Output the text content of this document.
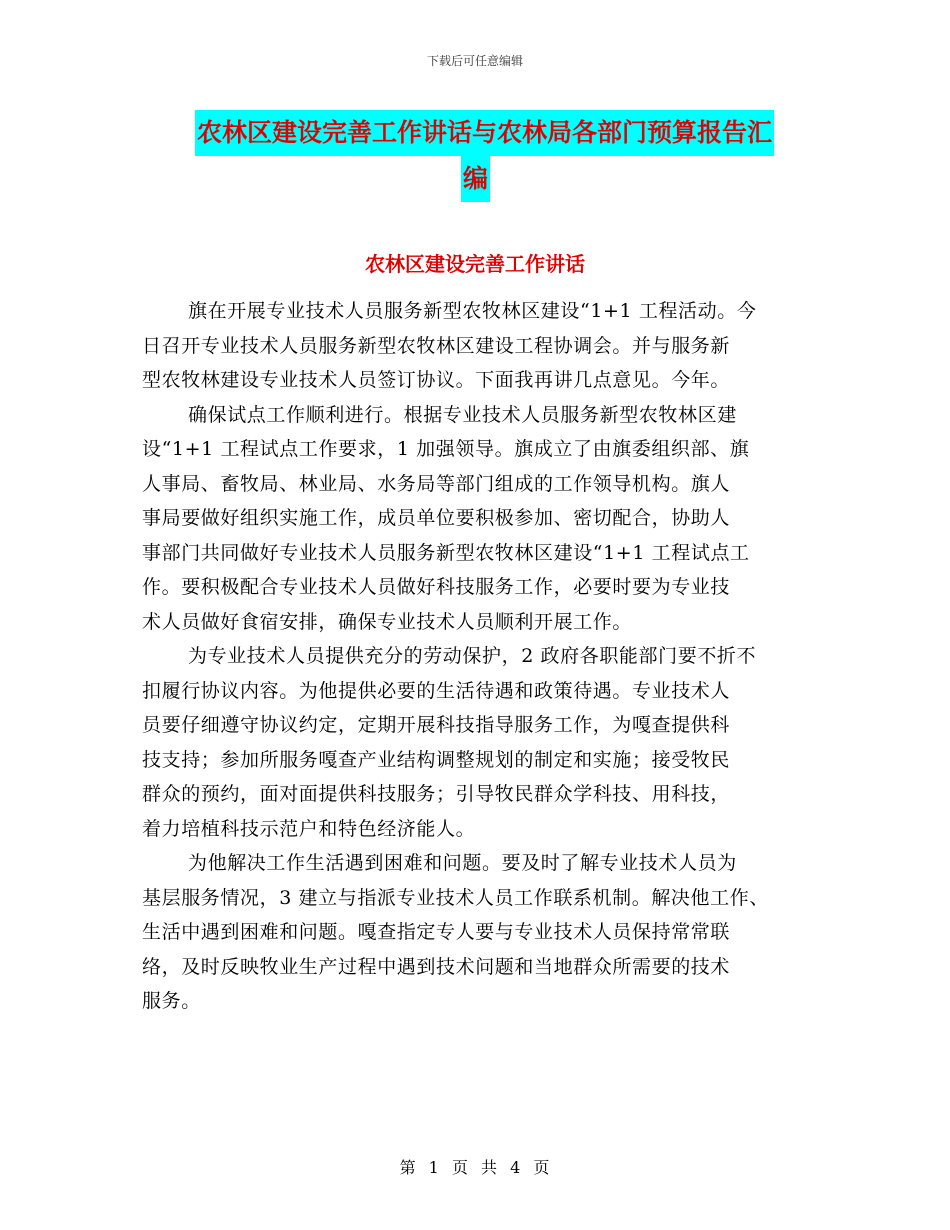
下载后可任意编辑
农林区建设完善工作讲话与农林局各部门预算报告汇
编
农林区建设完善工作讲话

旗在开展专业技术人员服务新型农牧林区建设“1+1 工程活动。今
日召开专业技术人员服务新型农牧林区建设工程协调会。并与服务新
型农牧林建设专业技术人员签订协议。下面我再讲几点意见。今年。

确保试点工作顺利进行。根据专业技术人员服务新型农牧林区建
设“1+1 工程试点工作要求，1 加强领导。旗成立了由旗委组织部、旗
人事局、畜牧局、林业局、水务局等部门组成的工作领导机构。旗人
事局要做好组织实施工作，成员单位要积极参加、密切配合，协助人
事部门共同做好专业技术人员服务新型农牧林区建设“1+1 工程试点工
作。要积极配合专业技术人员做好科技服务工作，必要时要为专业技
术人员做好食宿安排，确保专业技术人员顺利开展工作。

为专业技术人员提供充分的劳动保护，2 政府各职能部门要不折不
扣履行协议内容。为他提供必要的生活待遇和政策待遇。专业技术人
员要仔细遵守协议约定，定期开展科技指导服务工作，为嘎查提供科
技支持；参加所服务嘎查产业结构调整规划的制定和实施；接受牧民
群众的预约，面对面提供科技服务；引导牧民群众学科技、用科技，
着力培植科技示范户和特色经济能人。

为他解决工作生活遇到困难和问题。要及时了解专业技术人员为
基层服务情况，3 建立与指派专业技术人员工作联系机制。解决他工作、
生活中遇到困难和问题。嘎查指定专人要与专业技术人员保持常常联
络，及时反映牧业生产过程中遇到技术问题和当地群众所需要的技术
服务。

第 1 页 共 4 页
